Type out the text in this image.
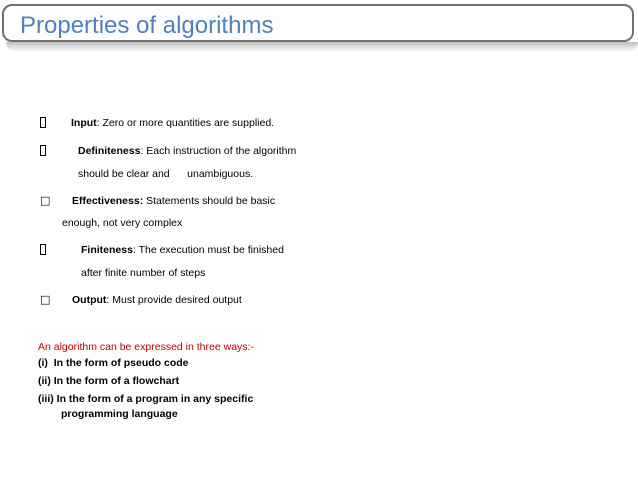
Properties of algorithms
Input: Zero or more quantities are supplied.
Definiteness: Each instruction of the algorithm
should be clear and      unambiguous.
□ Effectiveness: Statements should be basic
enough, not very complex
Finiteness: The execution must be finished
after finite number of steps
□ Output: Must provide desired output
An algorithm can be expressed in three ways:-
(i)  In the form of pseudo code
(ii) In the form of a flowchart
(iii) In the form of a program in any specific
programming language
